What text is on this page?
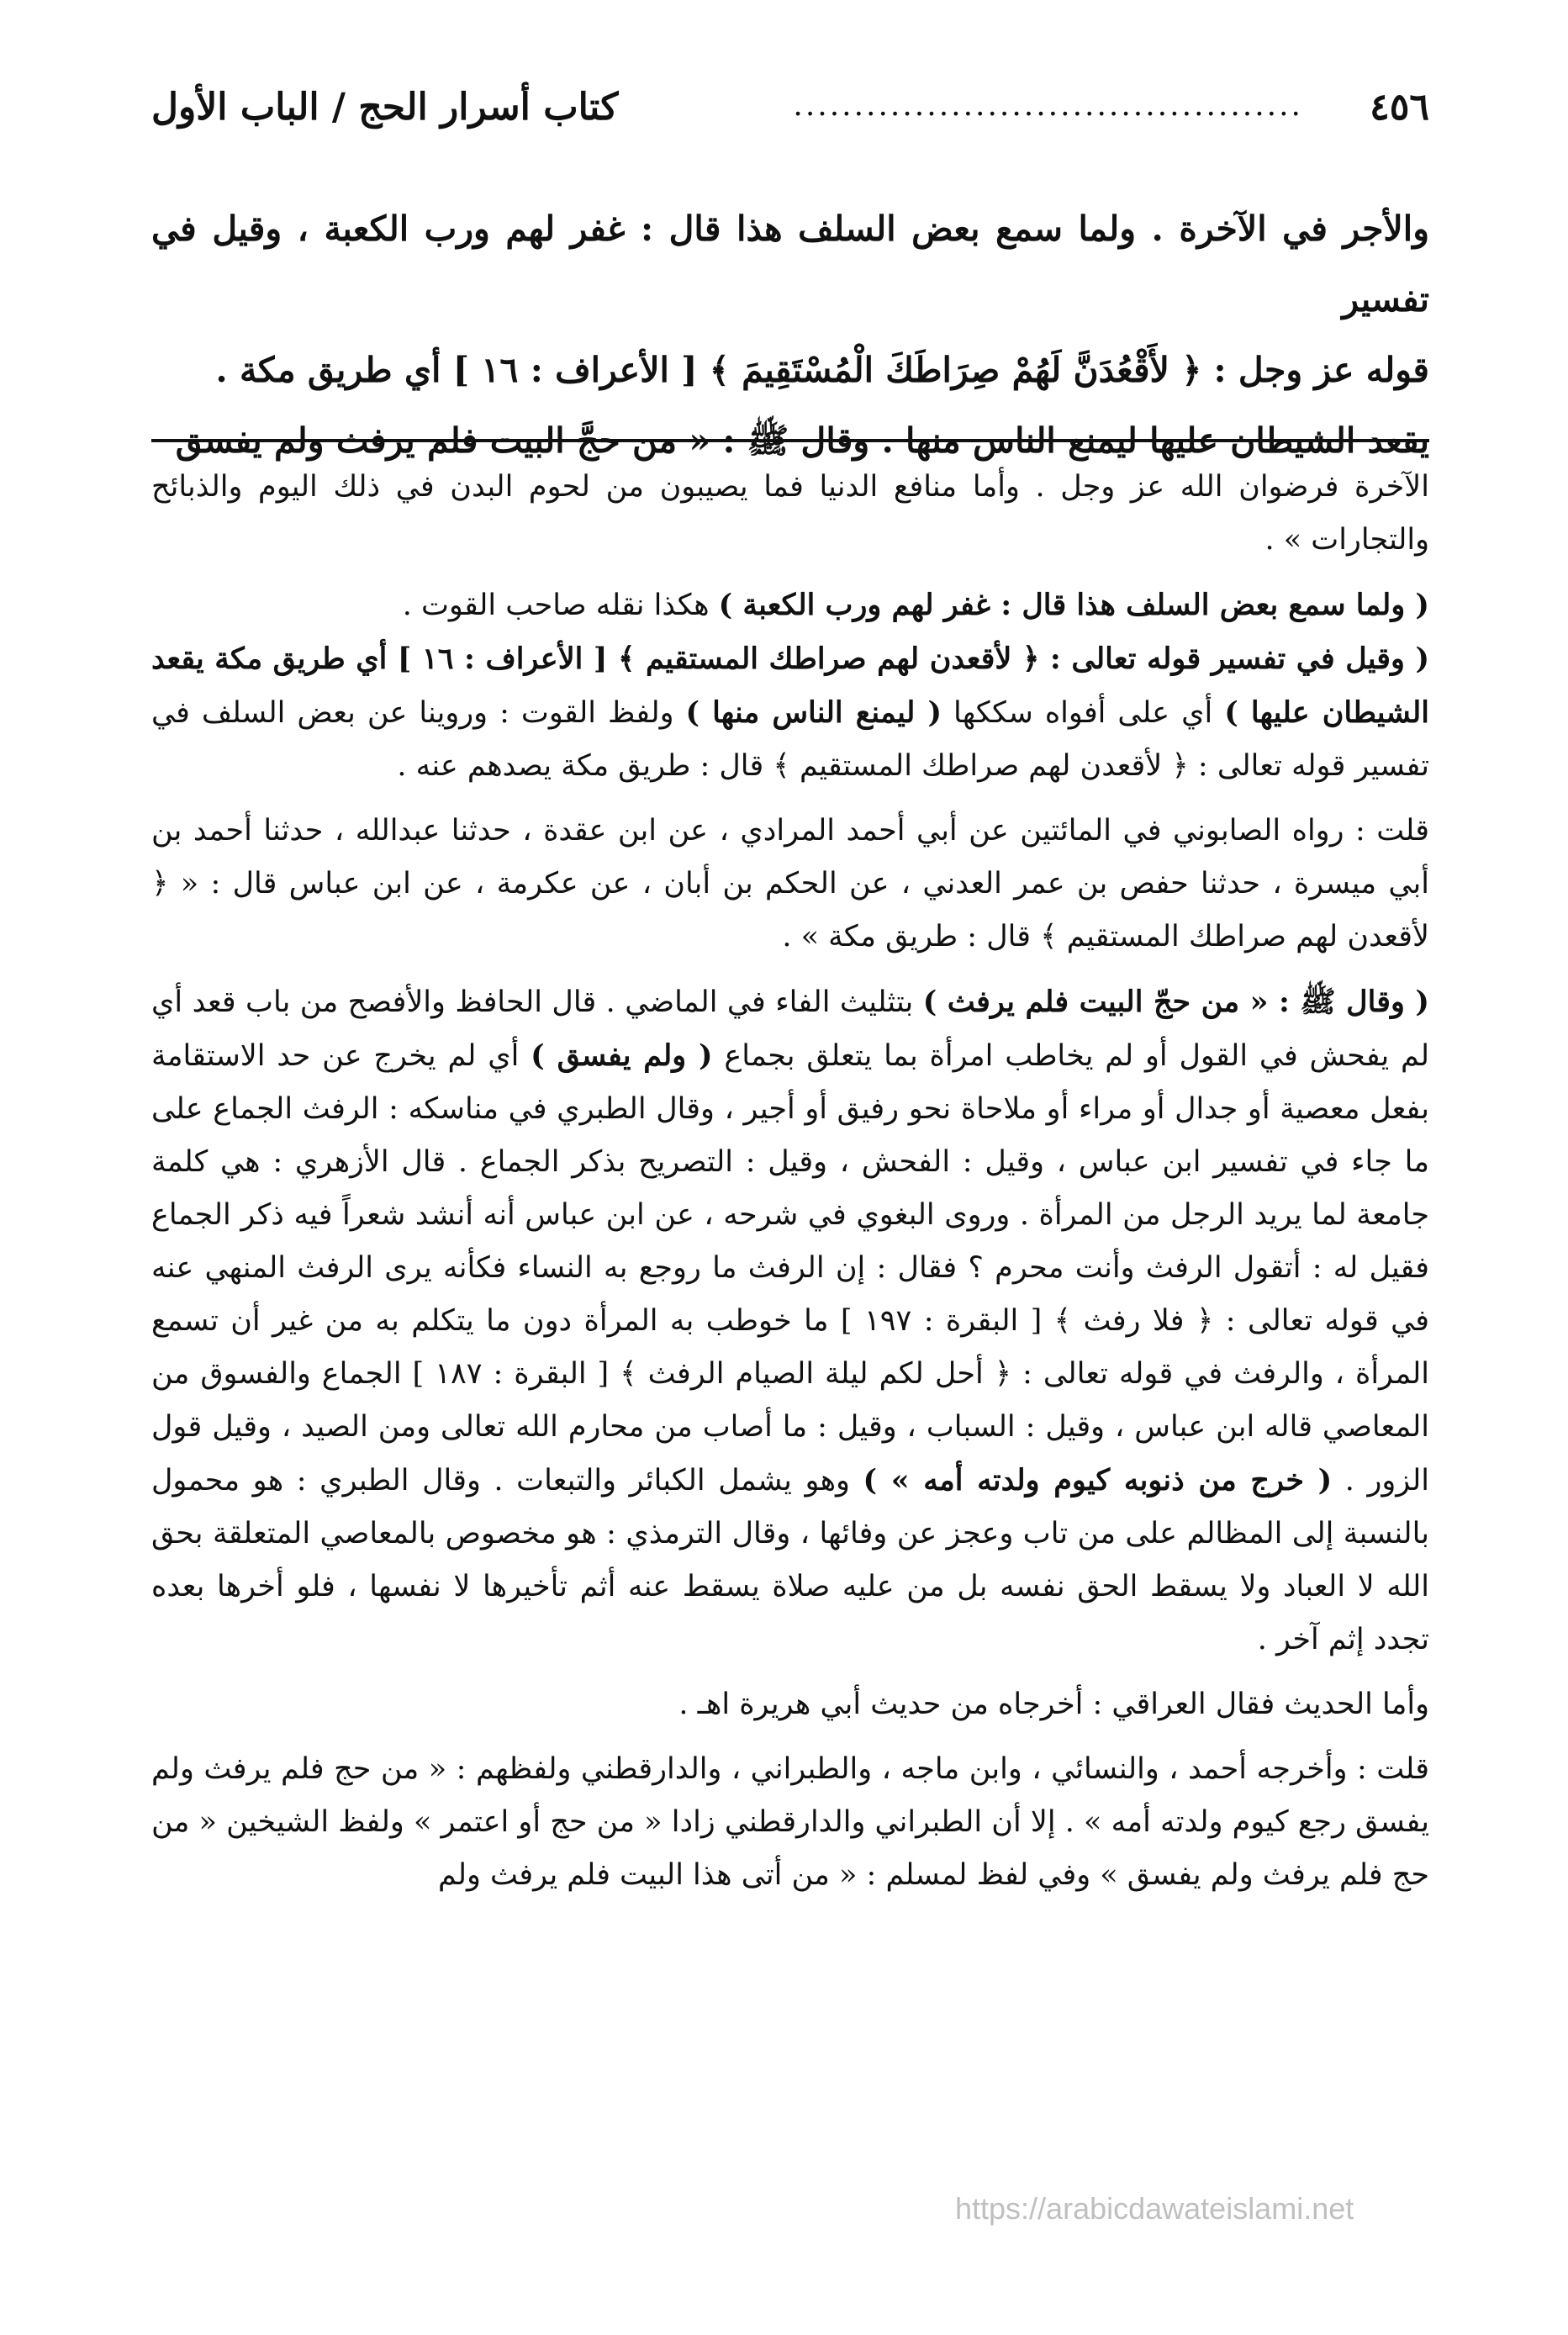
٤٥٦
..........................................
كتاب أسرار الحج / الباب الأول

والأجر في الآخرة . ولما سمع بعض السلف هذا قال : غفر لهم ورب الكعبة ، وقيل في تفسير

قوله عز وجل : ﴿ لأَقْعُدَنَّ لَهُمْ صِرَاطَكَ الْمُسْتَقِيمَ ﴾ [ الأعراف : ١٦ ] أي طريق مكة .

يقعد الشيطان عليها ليمنع الناس منها . وقال ﷺ : « من حجَّ البيت فلم يرفث ولم يفسق

الآخرة فرضوان الله عز وجل . وأما منافع الدنيا فما يصيبون من لحوم البدن في ذلك اليوم والذبائح والتجارات » .

( ولما سمع بعض السلف هذا قال : غفر لهم ورب الكعبة ) هكذا نقله صاحب القوت .

( وقيل في تفسير قوله تعالى : ﴿ لأقعدن لهم صراطك المستقيم ﴾ [ الأعراف : ١٦ ] أي طريق مكة يقعد الشيطان عليها ) أي على أفواه سككها ( ليمنع الناس منها ) ولفظ القوت : وروينا عن بعض السلف في تفسير قوله تعالى : ﴿ لأقعدن لهم صراطك المستقيم ﴾ قال : طريق مكة يصدهم عنه .

قلت : رواه الصابوني في المائتين عن أبي أحمد المرادي ، عن ابن عقدة ، حدثنا عبدالله ، حدثنا أحمد بن أبي ميسرة ، حدثنا حفص بن عمر العدني ، عن الحكم بن أبان ، عن عكرمة ، عن ابن عباس قال : « ﴿ لأقعدن لهم صراطك المستقيم ﴾ قال : طريق مكة » .

( وقال ﷺ : « من حجّ البيت فلم يرفث ) بتثليث الفاء في الماضي . قال الحافظ والأفصح من باب قعد أي لم يفحش في القول أو لم يخاطب امرأة بما يتعلق بجماع ( ولم يفسق ) أي لم يخرج عن حد الاستقامة بفعل معصية أو جدال أو مراء أو ملاحاة نحو رفيق أو أجير ، وقال الطبري في مناسكه : الرفث الجماع على ما جاء في تفسير ابن عباس ، وقيل : الفحش ، وقيل : التصريح بذكر الجماع . قال الأزهري : هي كلمة جامعة لما يريد الرجل من المرأة . وروى البغوي في شرحه ، عن ابن عباس أنه أنشد شعراً فيه ذكر الجماع فقيل له : أتقول الرفث وأنت محرم ؟ فقال : إن الرفث ما روجع به النساء فكأنه يرى الرفث المنهي عنه في قوله تعالى : ﴿ فلا رفث ﴾ [ البقرة : ١٩٧ ] ما خوطب به المرأة دون ما يتكلم به من غير أن تسمع المرأة ، والرفث في قوله تعالى : ﴿ أحل لكم ليلة الصيام الرفث ﴾ [ البقرة : ١٨٧ ] الجماع والفسوق من المعاصي قاله ابن عباس ، وقيل : السباب ، وقيل : ما أصاب من محارم الله تعالى ومن الصيد ، وقيل قول الزور . ( خرج من ذنوبه كيوم ولدته أمه » ) وهو يشمل الكبائر والتبعات . وقال الطبري : هو محمول بالنسبة إلى المظالم على من تاب وعجز عن وفائها ، وقال الترمذي : هو مخصوص بالمعاصي المتعلقة بحق الله لا العباد ولا يسقط الحق نفسه بل من عليه صلاة يسقط عنه أثم تأخيرها لا نفسها ، فلو أخرها بعده تجدد إثم آخر .

وأما الحديث فقال العراقي : أخرجاه من حديث أبي هريرة اهـ .

قلت : وأخرجه أحمد ، والنسائي ، وابن ماجه ، والطبراني ، والدارقطني ولفظهم : « من حج فلم يرفث ولم يفسق رجع كيوم ولدته أمه » . إلا أن الطبراني والدارقطني زادا « من حج أو اعتمر » ولفظ الشيخين « من حج فلم يرفث ولم يفسق » وفي لفظ لمسلم : « من أتى هذا البيت فلم يرفث ولم

https://arabicdawateislami.net
